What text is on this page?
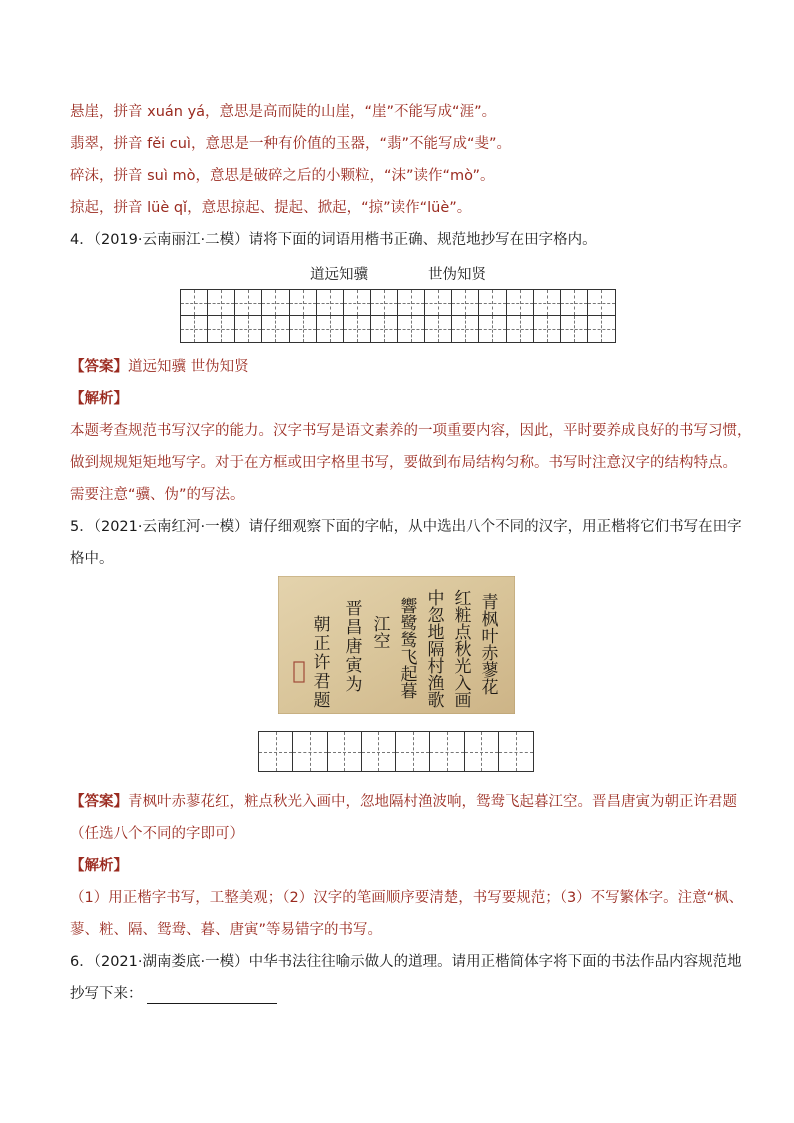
悬崖，拼音 xuán yá，意思是高而陡的山崖，“崖”不能写成“涯”。
翡翠，拼音 fěi cuì，意思是一种有价值的玉器，“翡”不能写成“斐”。
碎沫，拼音 suì mò，意思是破碎之后的小颗粒，“沫”读作“mò”。
掠起，拼音 lüè qǐ，意思掠起、提起、掀起，“掠”读作“lüè”。
4．（2019·云南丽江·二模）请将下面的词语用楷书正确、规范地抄写在田字格内。
道远知骥	世伪知贤
【答案】道远知骥 世伪知贤
【解析】
本题考查规范书写汉字的能力。汉字书写是语文素养的一项重要内容，因此，平时要养成良好的书写习惯，
做到规规矩矩地写字。对于在方框或田字格里书写，要做到布局结构匀称。书写时注意汉字的结构特点。
需要注意“骥、伪”的写法。
5．（2021·云南红河·一模）请仔细观察下面的字帖，从中选出八个不同的汉字，用正楷将它们书写在田字
格中。
青
枫
叶
赤
蓼
花
红
粧
点
秋
光
入
画
中
忽
地
隔
村
渔
歌
響
鹭
鸶
飞
起
暮
江
空
晋
昌
唐
寅
为
朝
正
许
君
题
【答案】青枫叶赤蓼花红，粧点秋光入画中，忽地隔村渔波响，鸳鸯飞起暮江空。晋昌唐寅为朝正许君题
（任选八个不同的字即可）
【解析】
（1）用正楷字书写，工整美观；（2）汉字的笔画顺序要清楚，书写要规范；（3）不写繁体字。注意“枫、
蓼、粧、隔、鸳鸯、暮、唐寅”等易错字的书写。
6．（2021·湖南娄底·一模）中华书法往往喻示做人的道理。请用正楷简体字将下面的书法作品内容规范地
抄写下来：
